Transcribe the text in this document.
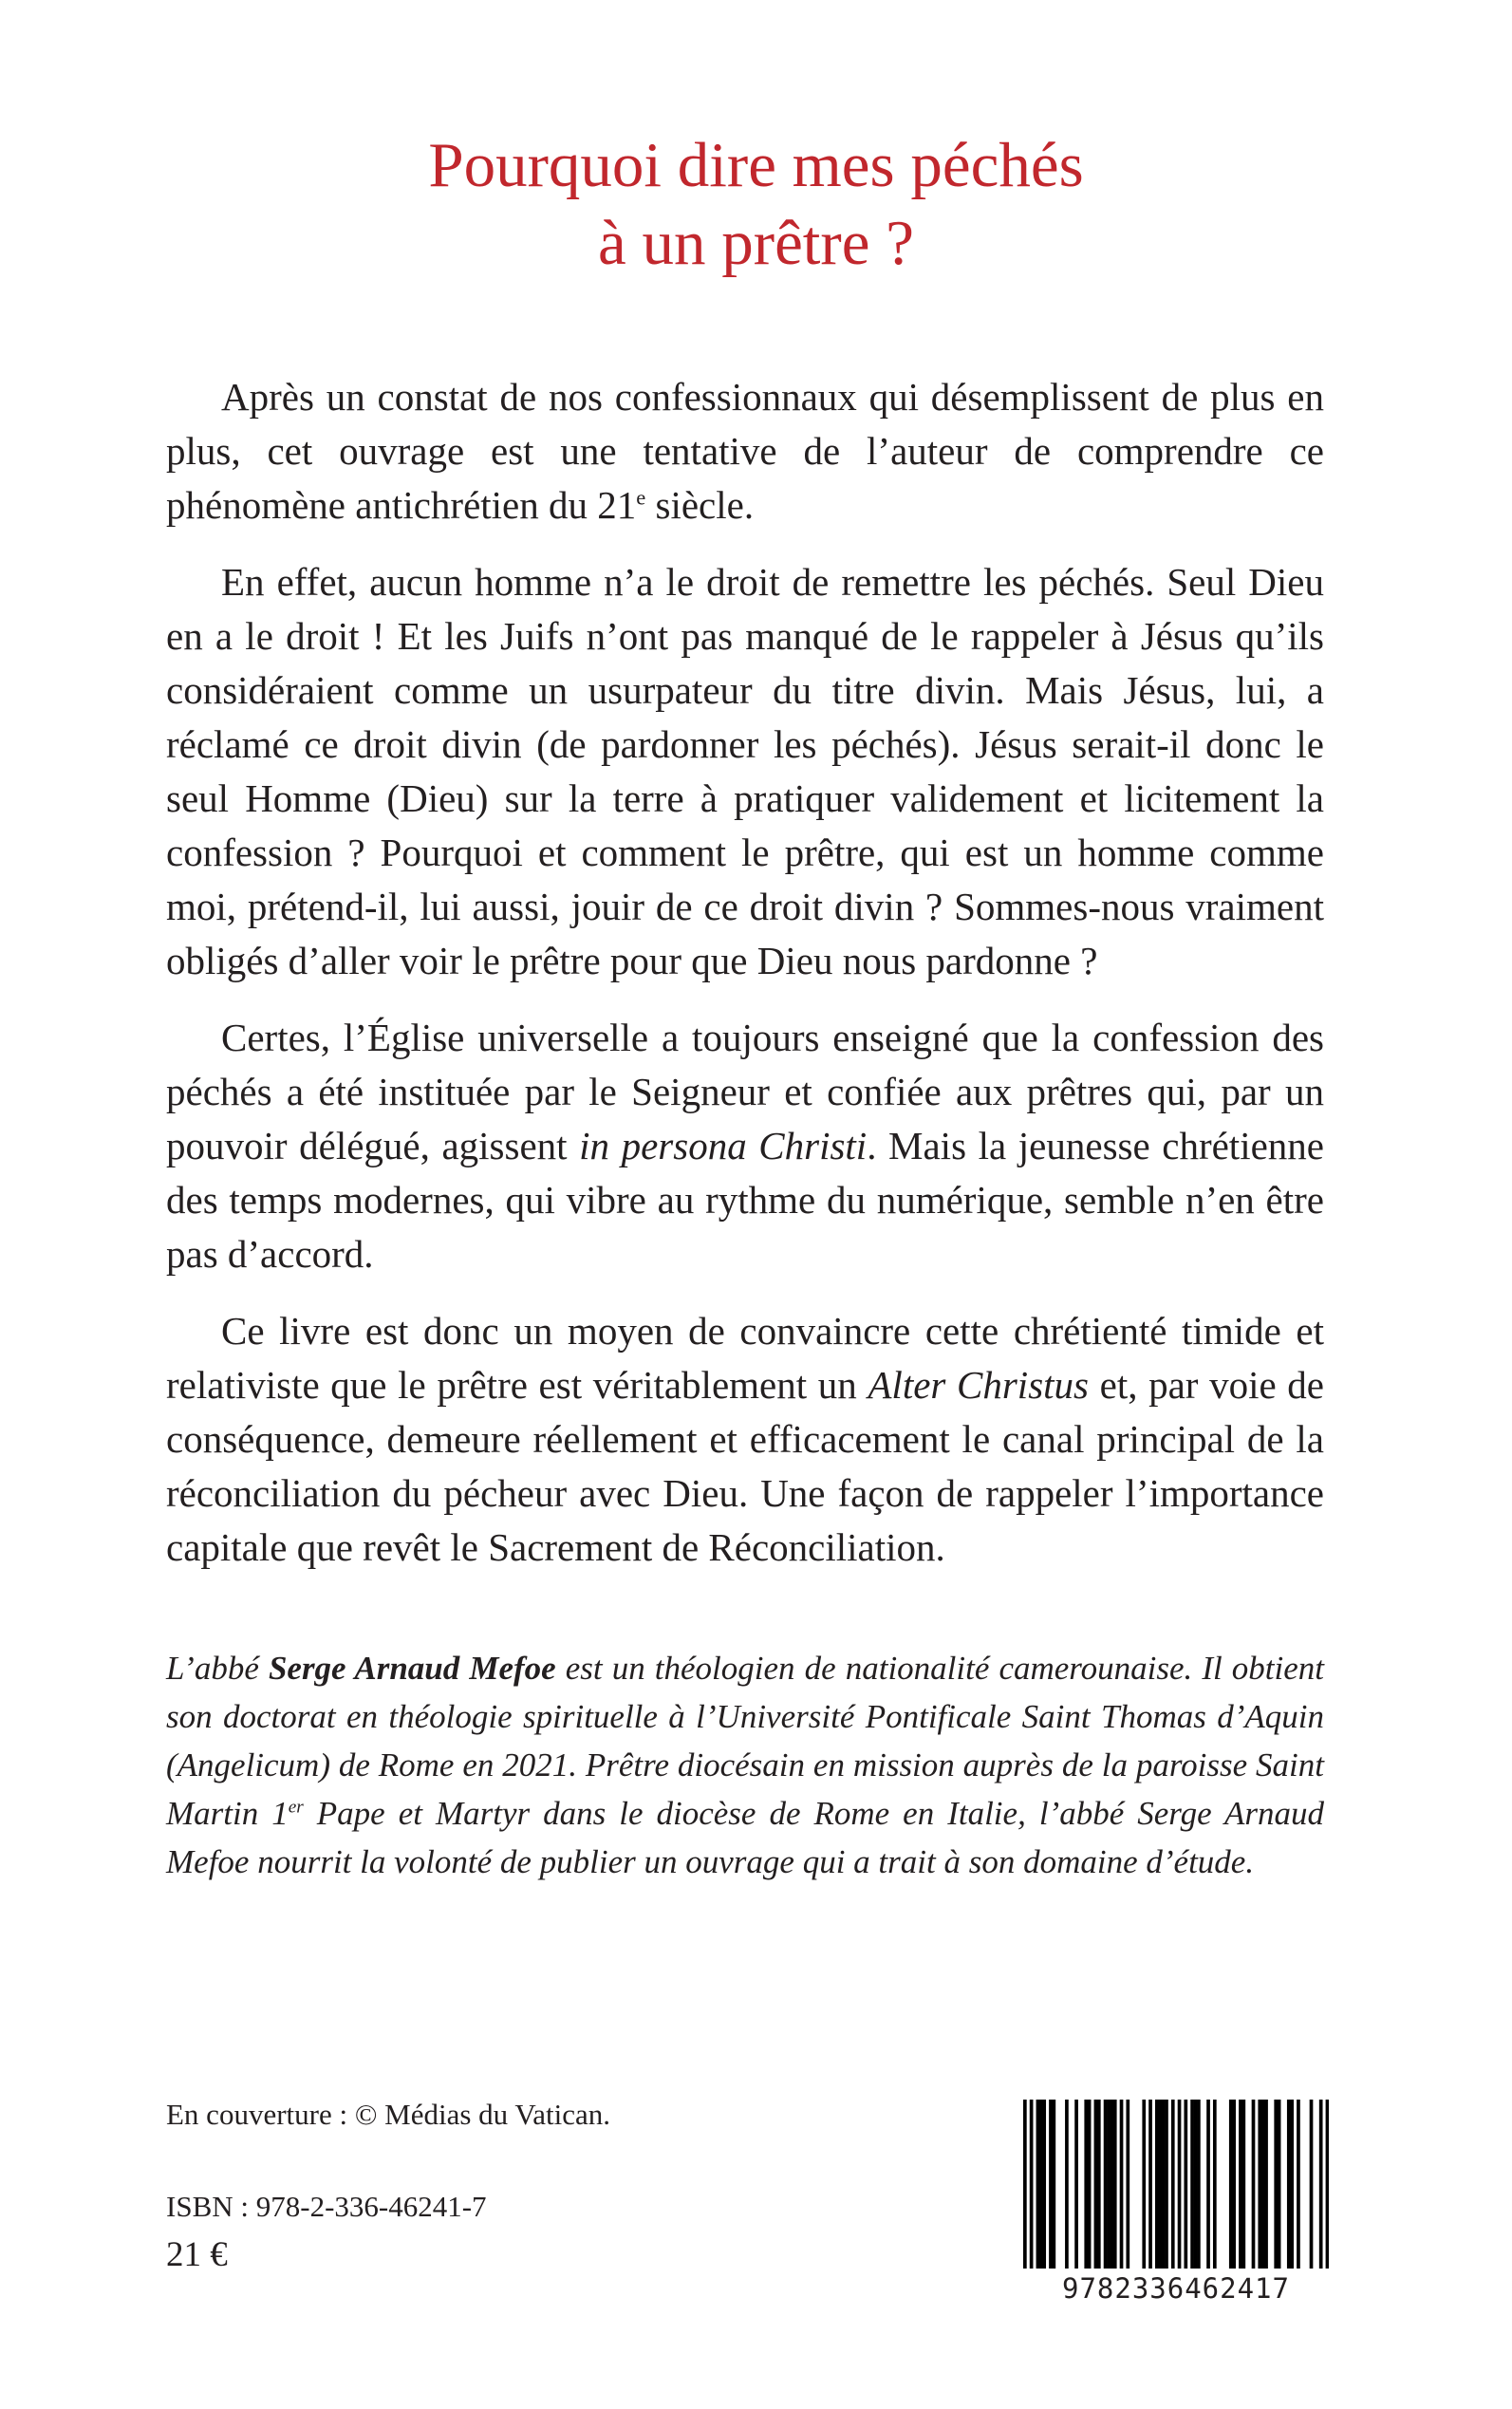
Pourquoi dire mes péchés
à un prêtre ?

Après un constat de nos confessionnaux qui désemplissent de plus en plus, cet ouvrage est une tentative de l’auteur de comprendre ce phénomène antichrétien du 21e siècle.

En effet, aucun homme n’a le droit de remettre les péchés. Seul Dieu en a le droit ! Et les Juifs n’ont pas manqué de le rappeler à Jésus qu’ils considéraient comme un usurpateur du titre divin. Mais Jésus, lui, a réclamé ce droit divin (de pardonner les péchés). Jésus serait-il donc le seul Homme (Dieu) sur la terre à pratiquer validement et licitement la confession ? Pourquoi et comment le prêtre, qui est un homme comme moi, prétend-il, lui aussi, jouir de ce droit divin ? Sommes-nous vraiment obligés d’aller voir le prêtre pour que Dieu nous pardonne ?

Certes, l’Église universelle a toujours enseigné que la confession des péchés a été instituée par le Seigneur et confiée aux prêtres qui, par un pouvoir délégué, agissent in persona Christi. Mais la jeunesse chrétienne des temps modernes, qui vibre au rythme du numérique, semble n’en être pas d’accord.

Ce livre est donc un moyen de convaincre cette chrétienté timide et relativiste que le prêtre est véritablement un Alter Christus et, par voie de conséquence, demeure réellement et efficacement le canal principal de la réconciliation du pécheur avec Dieu. Une façon de rappeler l’importance capitale que revêt le Sacrement de Réconciliation.

L’abbé Serge Arnaud Mefoe est un théologien de nationalité camerounaise. Il obtient son doctorat en théologie spirituelle à l’Université Pontificale Saint Thomas d’Aquin (Angelicum) de Rome en 2021. Prêtre diocésain en mission auprès de la paroisse Saint Martin 1er Pape et Martyr dans le diocèse de Rome en Italie, l’abbé Serge Arnaud Mefoe nourrit la volonté de publier un ouvrage qui a trait à son domaine d’étude.

En couverture : © Médias du Vatican.
ISBN : 978-2-336-46241-7
21 €
9782336462417
